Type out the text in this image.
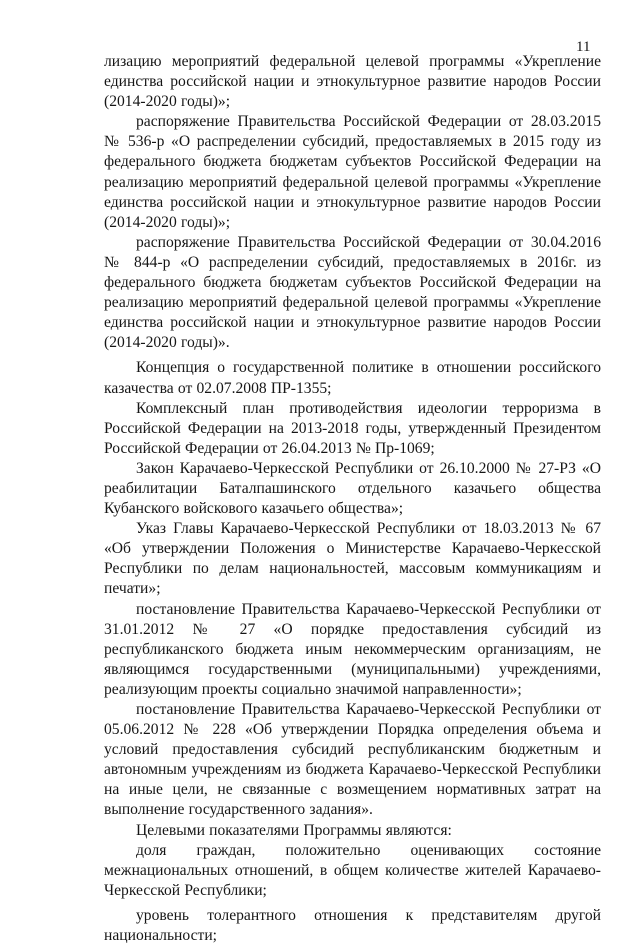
11

лизацию мероприятий федеральной целевой программы «Укрепление единства российской нации и этнокультурное развитие народов России (2014-2020 годы)»;

распоряжение Правительства Российской Федерации от 28.03.2015 № 536-р «О распределении субсидий, предоставляемых в 2015 году из федерального бюджета бюджетам субъектов Российской Федерации на реализацию мероприятий федеральной целевой программы «Укрепление единства российской нации и этнокультурное развитие народов России (2014-2020 годы)»;

распоряжение Правительства Российской Федерации от 30.04.2016 № 844-р «О распределении субсидий, предоставляемых в 2016г. из федерального бюджета бюджетам субъектов Российской Федерации на реализацию мероприятий федеральной целевой программы «Укрепление единства российской нации и этнокультурное развитие народов России (2014-2020 годы)».

Концепция о государственной политике в отношении российского казачества от 02.07.2008 ПР-1355;

Комплексный план противодействия идеологии терроризма в Российской Федерации на 2013-2018 годы, утвержденный Президентом Российской Федерации от 26.04.2013 № Пр-1069;

Закон Карачаево-Черкесской Республики от 26.10.2000 № 27-РЗ «О реабилитации Баталпашинского отдельного казачьего общества Кубанского войскового казачьего общества»;

Указ Главы Карачаево-Черкесской Республики от 18.03.2013 № 67 «Об утверждении Положения о Министерстве Карачаево-Черкесской Республики по делам национальностей, массовым коммуникациям и печати»;

постановление Правительства Карачаево-Черкесской Республики от 31.01.2012 № 27 «О порядке предоставления субсидий из республиканского бюджета иным некоммерческим организациям, не являющимся государственными (муниципальными) учреждениями, реализующим проекты социально значимой направленности»;

постановление Правительства Карачаево-Черкесской Республики от 05.06.2012 № 228 «Об утверждении Порядка определения объема и условий предоставления субсидий республиканским бюджетным и автономным учреждениям из бюджета Карачаево-Черкесской Республики на иные цели, не связанные с возмещением нормативных затрат на выполнение государственного задания».

Целевыми показателями Программы являются:

доля граждан, положительно оценивающих состояние межнациональных отношений, в общем количестве жителей Карачаево-Черкесской Республики;

уровень толерантного отношения к представителям другой национальности;
